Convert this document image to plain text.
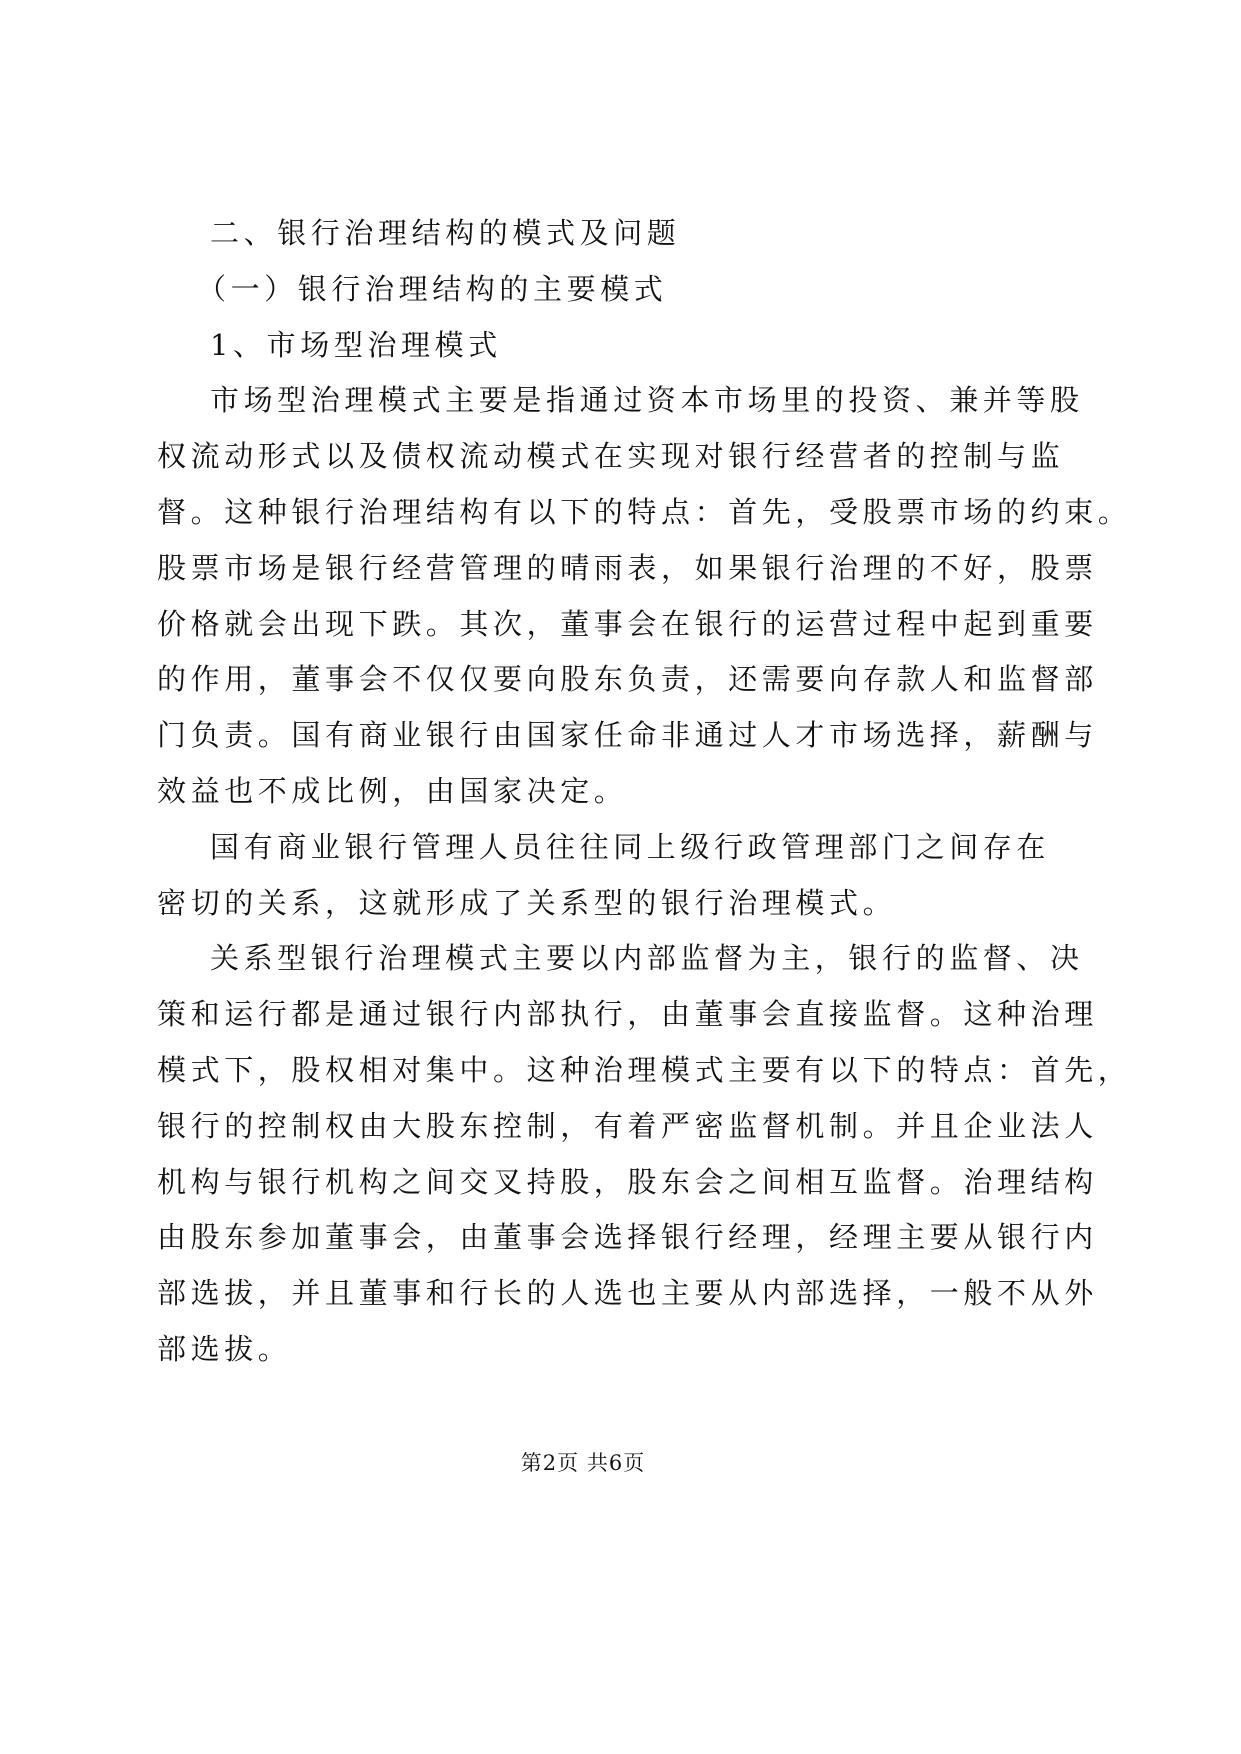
二、银行治理结构的模式及问题
（一）银行治理结构的主要模式
1、市场型治理模式
市场型治理模式主要是指通过资本市场里的投资、兼并等股
权流动形式以及债权流动模式在实现对银行经营者的控制与监
督。这种银行治理结构有以下的特点：首先，受股票市场的约束。
股票市场是银行经营管理的晴雨表，如果银行治理的不好，股票
价格就会出现下跌。其次，董事会在银行的运营过程中起到重要
的作用，董事会不仅仅要向股东负责，还需要向存款人和监督部
门负责。国有商业银行由国家任命非通过人才市场选择，薪酬与
效益也不成比例，由国家决定。
国有商业银行管理人员往往同上级行政管理部门之间存在
密切的关系，这就形成了关系型的银行治理模式。
关系型银行治理模式主要以内部监督为主，银行的监督、决
策和运行都是通过银行内部执行，由董事会直接监督。这种治理
模式下，股权相对集中。这种治理模式主要有以下的特点：首先，
银行的控制权由大股东控制，有着严密监督机制。并且企业法人
机构与银行机构之间交叉持股，股东会之间相互监督。治理结构
由股东参加董事会，由董事会选择银行经理，经理主要从银行内
部选拔，并且董事和行长的人选也主要从内部选择，一般不从外
部选拔。
第2页 共6页
